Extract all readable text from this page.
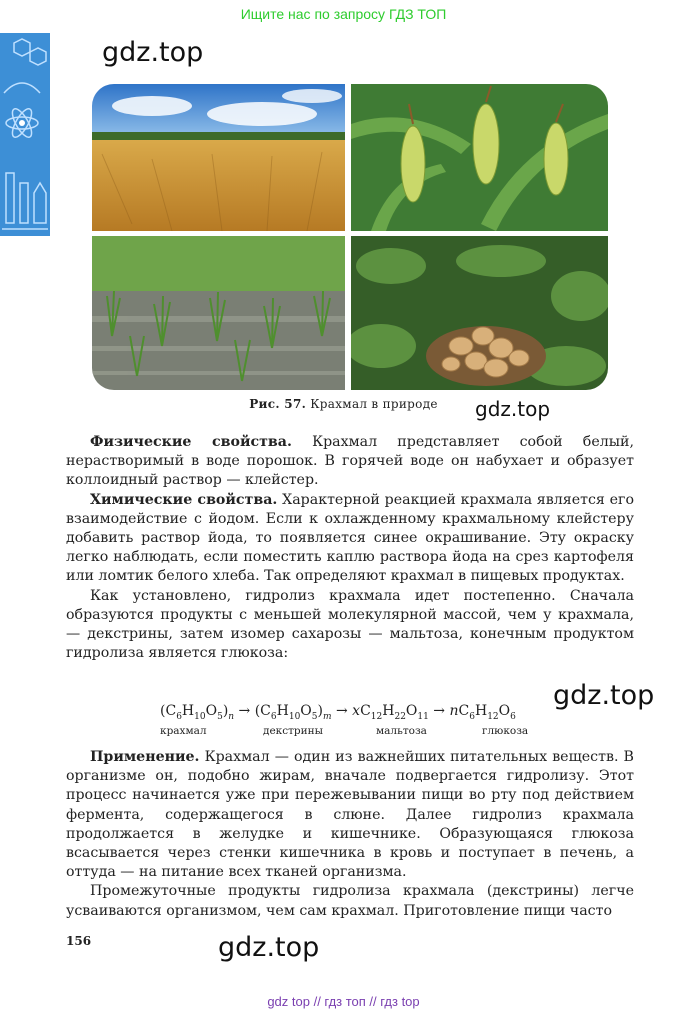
Ищите нас по запросу ГДЗ ТОП
gdz.top
Рис. 57. Крахмал в природе	gdz.top

Физические свойства. Крахмал представляет собой белый, нерастворимый в воде порошок. В горячей воде он набухает и образует коллоидный раствор — клейстер.

Химические свойства. Характерной реакцией крахмала является его взаимодействие с йодом. Если к охлажденному крахмальному клейстеру добавить раствор йода, то появляется синее окрашивание. Эту окраску легко наблюдать, если поместить каплю раствора йода на срез картофеля или ломтик белого хлеба. Так определяют крахмал в пищевых продуктах.

Как установлено, гидролиз крахмала идет постепенно. Сначала образуются продукты с меньшей молекулярной массой, чем у крахмала, — декстрины, затем изомер сахарозы — мальтоза, конечным продуктом гидролиза является глюкоза:

gdz.top
$(C_6H_{10}O_5)_n \to (C_6H_{10}O_5)_m \to xC_{12}H_{22}O_{11} \to nC_6H_{12}O_6$
крахмал	декстрины	мальтоза	глюкоза

Применение. Крахмал — один из важнейших питательных веществ. В организме он, подобно жирам, вначале подвергается гидролизу. Этот процесс начинается уже при пережевывании пищи во рту под действием фермента, содержащегося в слюне. Далее гидролиз крахмала продолжается в желудке и кишечнике. Образующаяся глюкоза всасывается через стенки кишечника в кровь и поступает в печень, а оттуда — на питание всех тканей организма.

Промежуточные продукты гидролиза крахмала (декстрины) легче усваиваются организмом, чем сам крахмал. Приготовление пищи часто

156	gdz.top
gdz top // гдз топ // гдз top
